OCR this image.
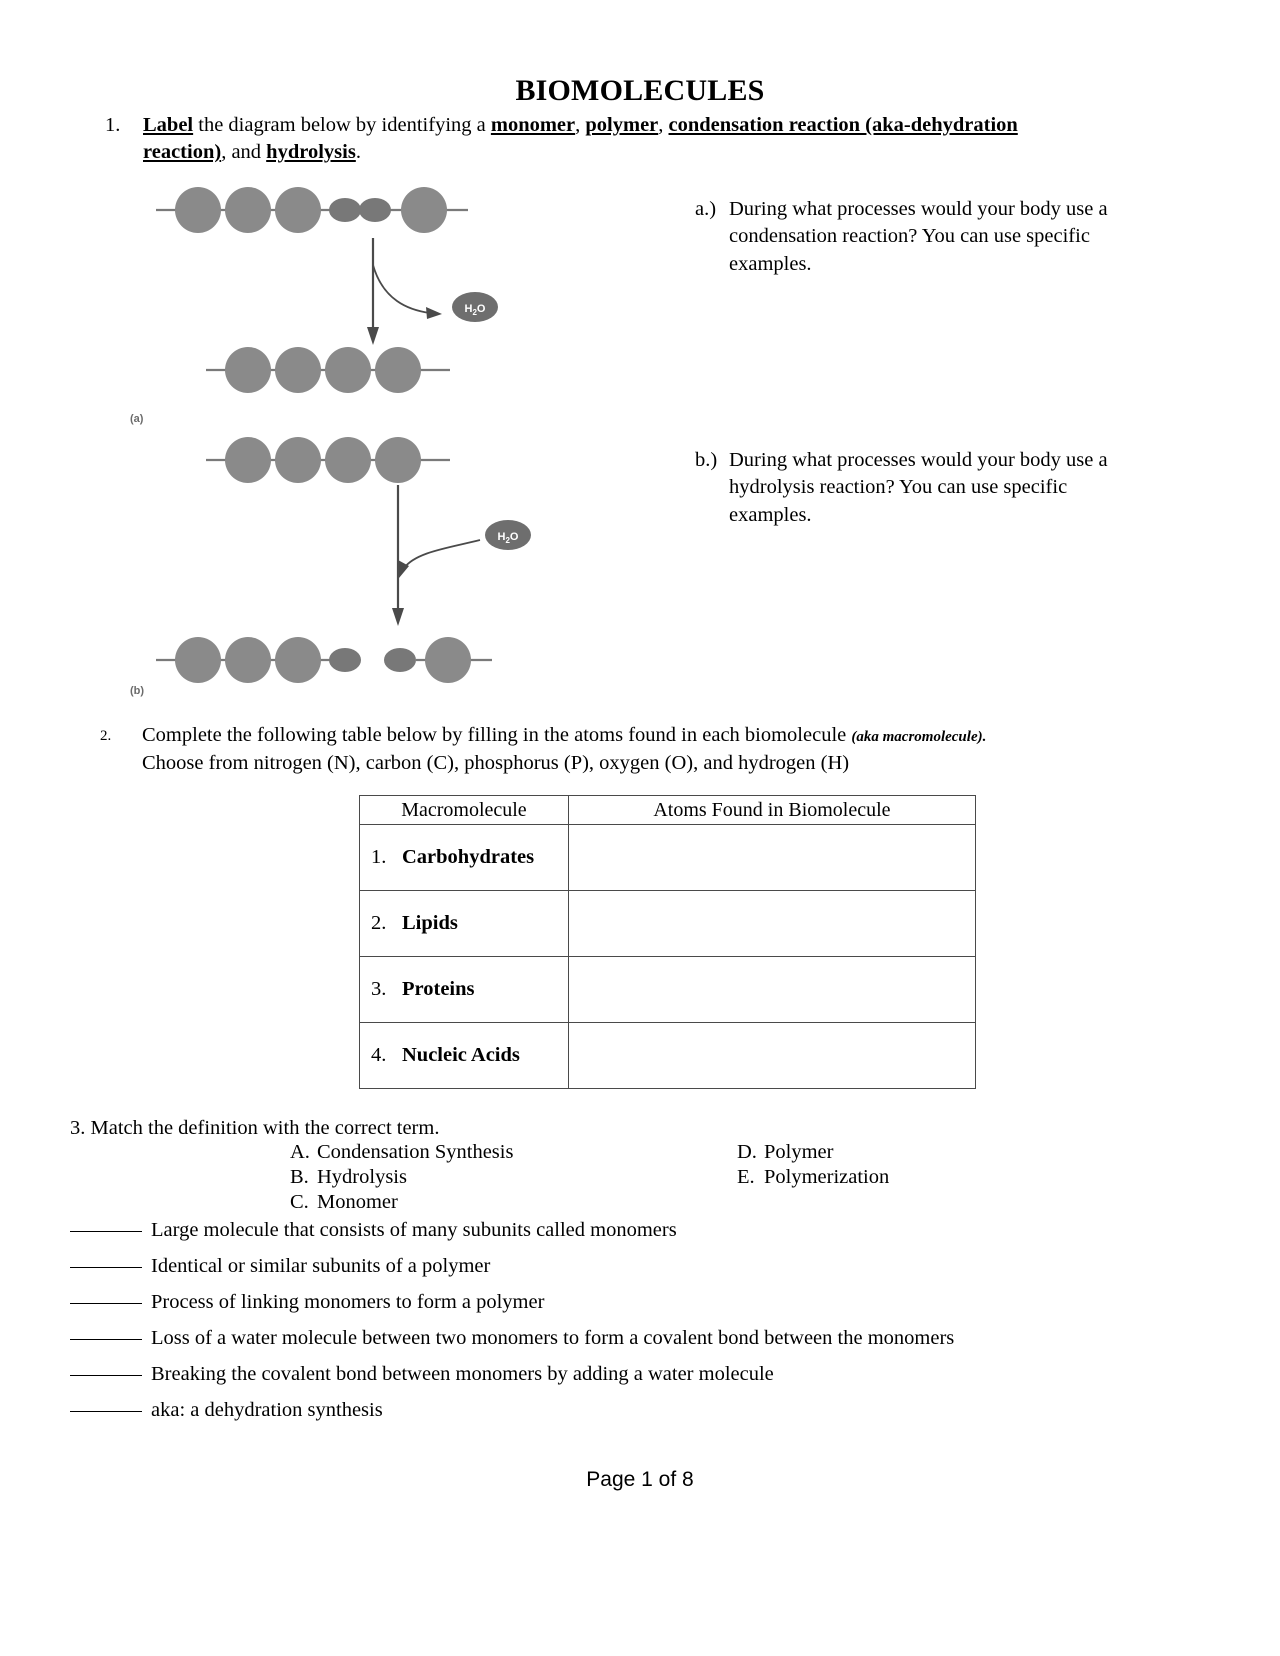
BIOMOLECULES
1.	Label the diagram below by identifying a monomer, polymer, condensation reaction (aka-dehydration reaction), and hydrolysis.
$H_2O$
$H_2O$
(a)
(b)
a.) During what processes would your body use a condensation reaction? You can use specific examples.
b.) During what processes would your body use a hydrolysis reaction? You can use specific examples.
2. Complete the following table below by filling in the atoms found in each biomolecule (aka macromolecule).
Choose from nitrogen (N), carbon (C), phosphorus (P), oxygen (O), and hydrogen (H)
Macromolecule	Atoms Found in Biomolecule

1. Carbohydrates	

2. Lipids	

3. Proteins	

4. Nucleic Acids	

3. Match the definition with the correct term.
A. Condensation Synthesis
B. Hydrolysis
C. Monomer
D. Polymer
E. Polymerization
Large molecule that consists of many subunits called monomers
Identical or similar subunits of a polymer
Process of linking monomers to form a polymer
Loss of a water molecule between two monomers to form a covalent bond between the monomers
Breaking the covalent bond between monomers by adding a water molecule
aka: a dehydration synthesis
Page 1 of 8
